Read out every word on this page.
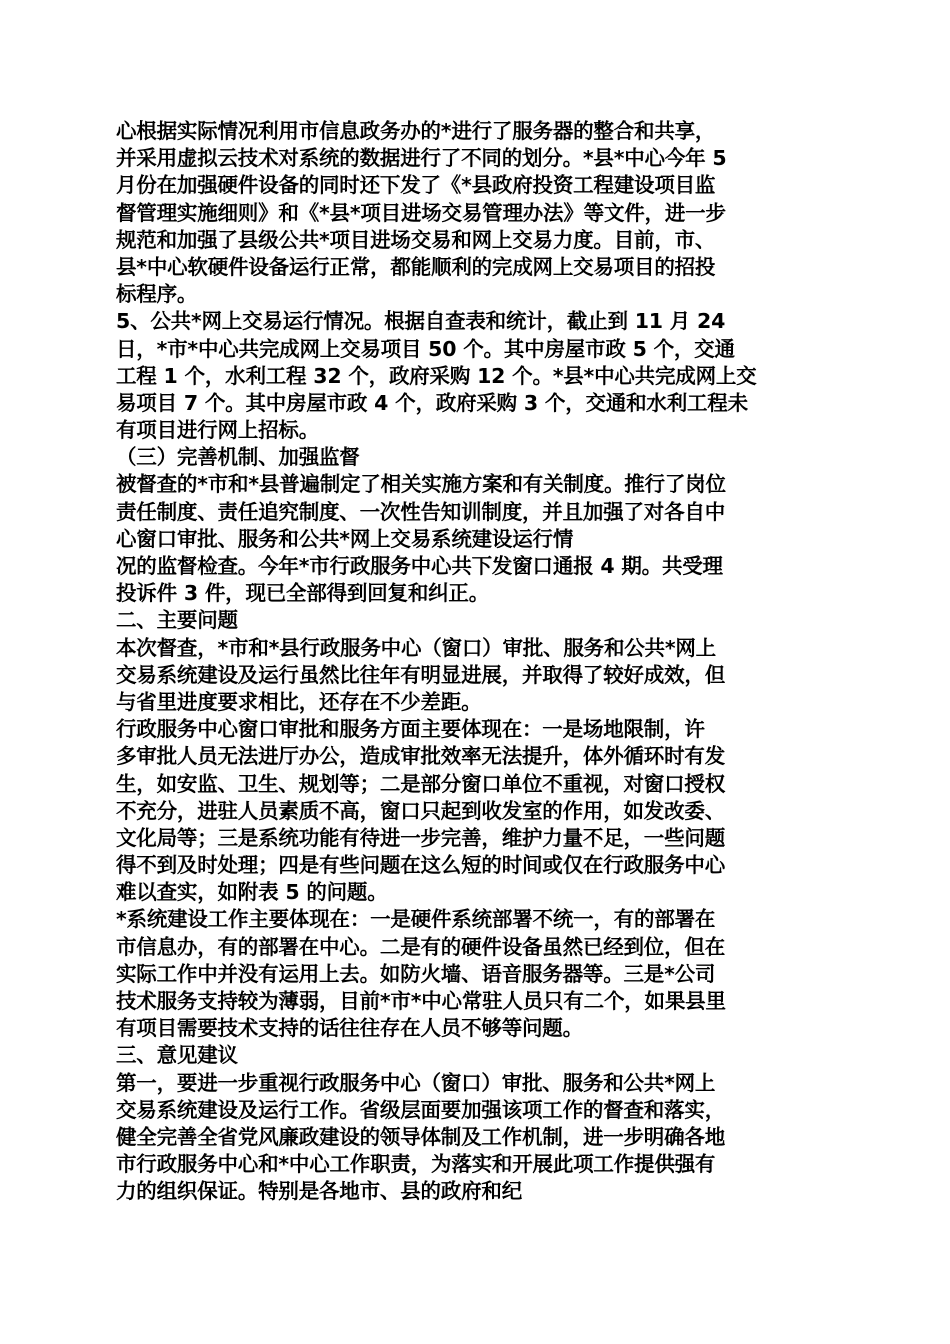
心根据实际情况利用市信息政务办的*进行了服务器的整合和共享，
并采用虚拟云技术对系统的数据进行了不同的划分。*县*中心今年 5
月份在加强硬件设备的同时还下发了《*县政府投资工程建设项目监
督管理实施细则》和《*县*项目进场交易管理办法》等文件，进一步
规范和加强了县级公共*项目进场交易和网上交易力度。目前，市、
县*中心软硬件设备运行正常，都能顺利的完成网上交易项目的招投
标程序。
5、公共*网上交易运行情况。根据自查表和统计，截止到 11 月 24
日，*市*中心共完成网上交易项目 50 个。其中房屋市政 5 个，交通
工程 1 个，水利工程 32 个，政府采购 12 个。*县*中心共完成网上交
易项目 7 个。其中房屋市政 4 个，政府采购 3 个，交通和水利工程未
有项目进行网上招标。
（三）完善机制、加强监督
被督查的*市和*县普遍制定了相关实施方案和有关制度。推行了岗位
责任制度、责任追究制度、一次性告知训制度，并且加强了对各自中
心窗口审批、服务和公共*网上交易系统建设运行情
况的监督检查。今年*市行政服务中心共下发窗口通报 4 期。共受理
投诉件 3 件，现已全部得到回复和纠正。
二、主要问题
本次督查，*市和*县行政服务中心（窗口）审批、服务和公共*网上
交易系统建设及运行虽然比往年有明显进展，并取得了较好成效，但
与省里进度要求相比，还存在不少差距。
行政服务中心窗口审批和服务方面主要体现在：一是场地限制，许
多审批人员无法进厅办公，造成审批效率无法提升，体外循环时有发
生，如安监、卫生、规划等；二是部分窗口单位不重视，对窗口授权
不充分，进驻人员素质不高，窗口只起到收发室的作用，如发改委、
文化局等；三是系统功能有待进一步完善，维护力量不足，一些问题
得不到及时处理；四是有些问题在这么短的时间或仅在行政服务中心
难以查实，如附表 5 的问题。
*系统建设工作主要体现在：一是硬件系统部署不统一，有的部署在
市信息办，有的部署在中心。二是有的硬件设备虽然已经到位，但在
实际工作中并没有运用上去。如防火墙、语音服务器等。三是*公司
技术服务支持较为薄弱，目前*市*中心常驻人员只有二个，如果县里
有项目需要技术支持的话往往存在人员不够等问题。
三、意见建议
第一，要进一步重视行政服务中心（窗口）审批、服务和公共*网上
交易系统建设及运行工作。省级层面要加强该项工作的督查和落实，
健全完善全省党风廉政建设的领导体制及工作机制，进一步明确各地
市行政服务中心和*中心工作职责，为落实和开展此项工作提供强有
力的组织保证。特别是各地市、县的政府和纪
